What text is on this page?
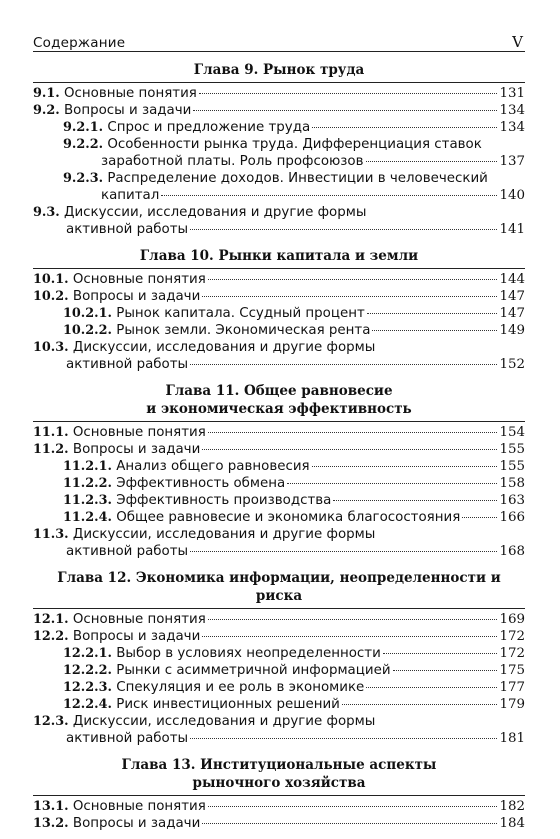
Содержание	V
Глава 9. Рынок труда
9.1. Основные понятия	131
9.2. Вопросы и задачи	134
9.2.1. Спрос и предложение труда	134
9.2.2. Особенности рынка труда. Дифференциация ставок
заработной платы. Роль профсоюзов	137
9.2.3. Распределение доходов. Инвестиции в человеческий
капитал	140
9.3. Дискуссии, исследования и другие формы
активной работы	141
Глава 10. Рынки капитала и земли
10.1. Основные понятия	144
10.2. Вопросы и задачи	147
10.2.1. Рынок капитала. Ссудный процент	147
10.2.2. Рынок земли. Экономическая рента	149
10.3. Дискуссии, исследования и другие формы
активной работы	152
Глава 11. Общее равновесие
и экономическая эффективность
11.1. Основные понятия	154
11.2. Вопросы и задачи	155
11.2.1. Анализ общего равновесия	155
11.2.2. Эффективность обмена	158
11.2.3. Эффективность производства	163
11.2.4. Общее равновесие и экономика благосостояния	166
11.3. Дискуссии, исследования и другие формы
активной работы	168
Глава 12. Экономика информации, неопределенности и риска
12.1. Основные понятия	169
12.2. Вопросы и задачи	172
12.2.1. Выбор в условиях неопределенности	172
12.2.2. Рынки с асимметричной информацией	175
12.2.3. Спекуляция и ее роль в экономике	177
12.2.4. Риск инвестиционных решений	179
12.3. Дискуссии, исследования и другие формы
активной работы	181
Глава 13. Институциональные аспекты
рыночного хозяйства
13.1. Основные понятия	182
13.2. Вопросы и задачи	184
